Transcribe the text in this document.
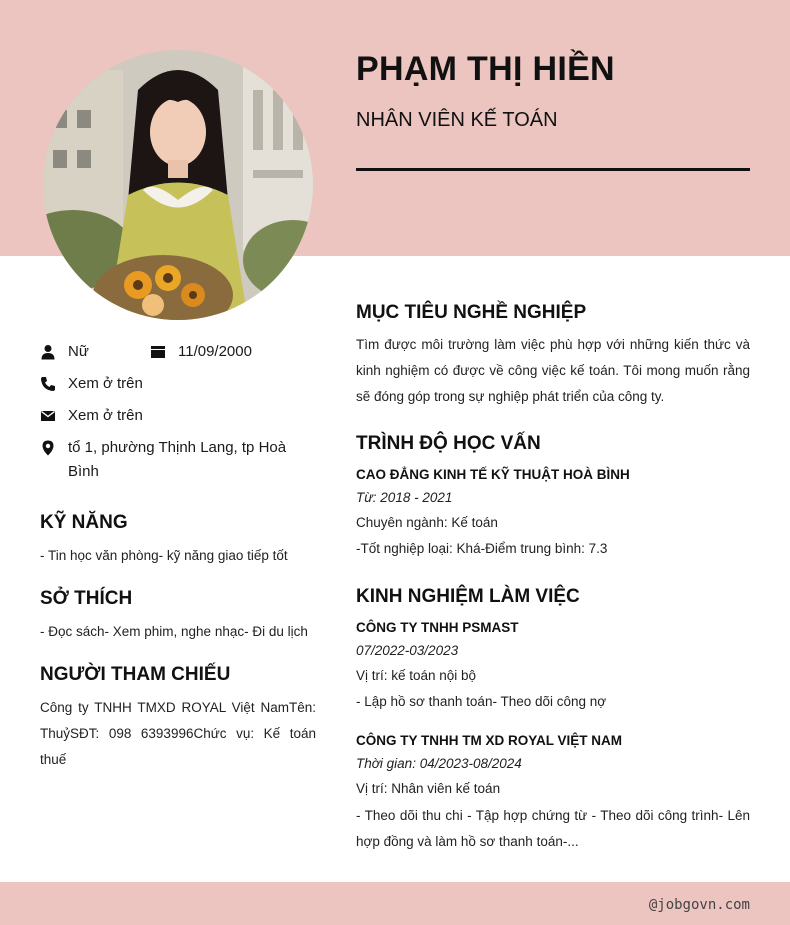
PHẠM THỊ HIỀN
NHÂN VIÊN KẾ TOÁN
Nữ	11/09/2000
Xem ở trên
Xem ở trên
tổ 1, phường Thịnh Lang, tp Hoà Bình
KỸ NĂNG
- Tin học văn phòng- kỹ năng giao tiếp tốt
SỞ THÍCH
- Đọc sách- Xem phim, nghe nhạc- Đi du lịch
NGƯỜI THAM CHIẾU
Công ty TNHH TMXD ROYAL Việt NamTên: ThuỷSĐT: 098 6393996Chức vụ: Kế toán thuế
MỤC TIÊU NGHỀ NGHIỆP
Tìm được môi trường làm việc phù hợp với những kiến thức và kinh nghiệm có được về công việc kế toán. Tôi mong muốn rằng sẽ đóng góp trong sự nghiệp phát triển của công ty.
TRÌNH ĐỘ HỌC VẤN
CAO ĐẲNG KINH TẾ KỸ THUẬT HOÀ BÌNH
Từ: 2018 - 2021
Chuyên ngành: Kế toán
-Tốt nghiệp loại: Khá-Điểm trung bình: 7.3
KINH NGHIỆM LÀM VIỆC
CÔNG TY TNHH PSMAST
07/2022-03/2023
Vị trí: kế toán nội bộ
- Lập hồ sơ thanh toán- Theo dõi công nợ
CÔNG TY TNHH TM XD ROYAL VIỆT NAM
Thời gian: 04/2023-08/2024
Vị trí: Nhân viên kế toán
- Theo dõi thu chi - Tập hợp chứng từ - Theo dõi công trình- Lên hợp đồng và làm hồ sơ thanh toán-...
@jobgovn.com
